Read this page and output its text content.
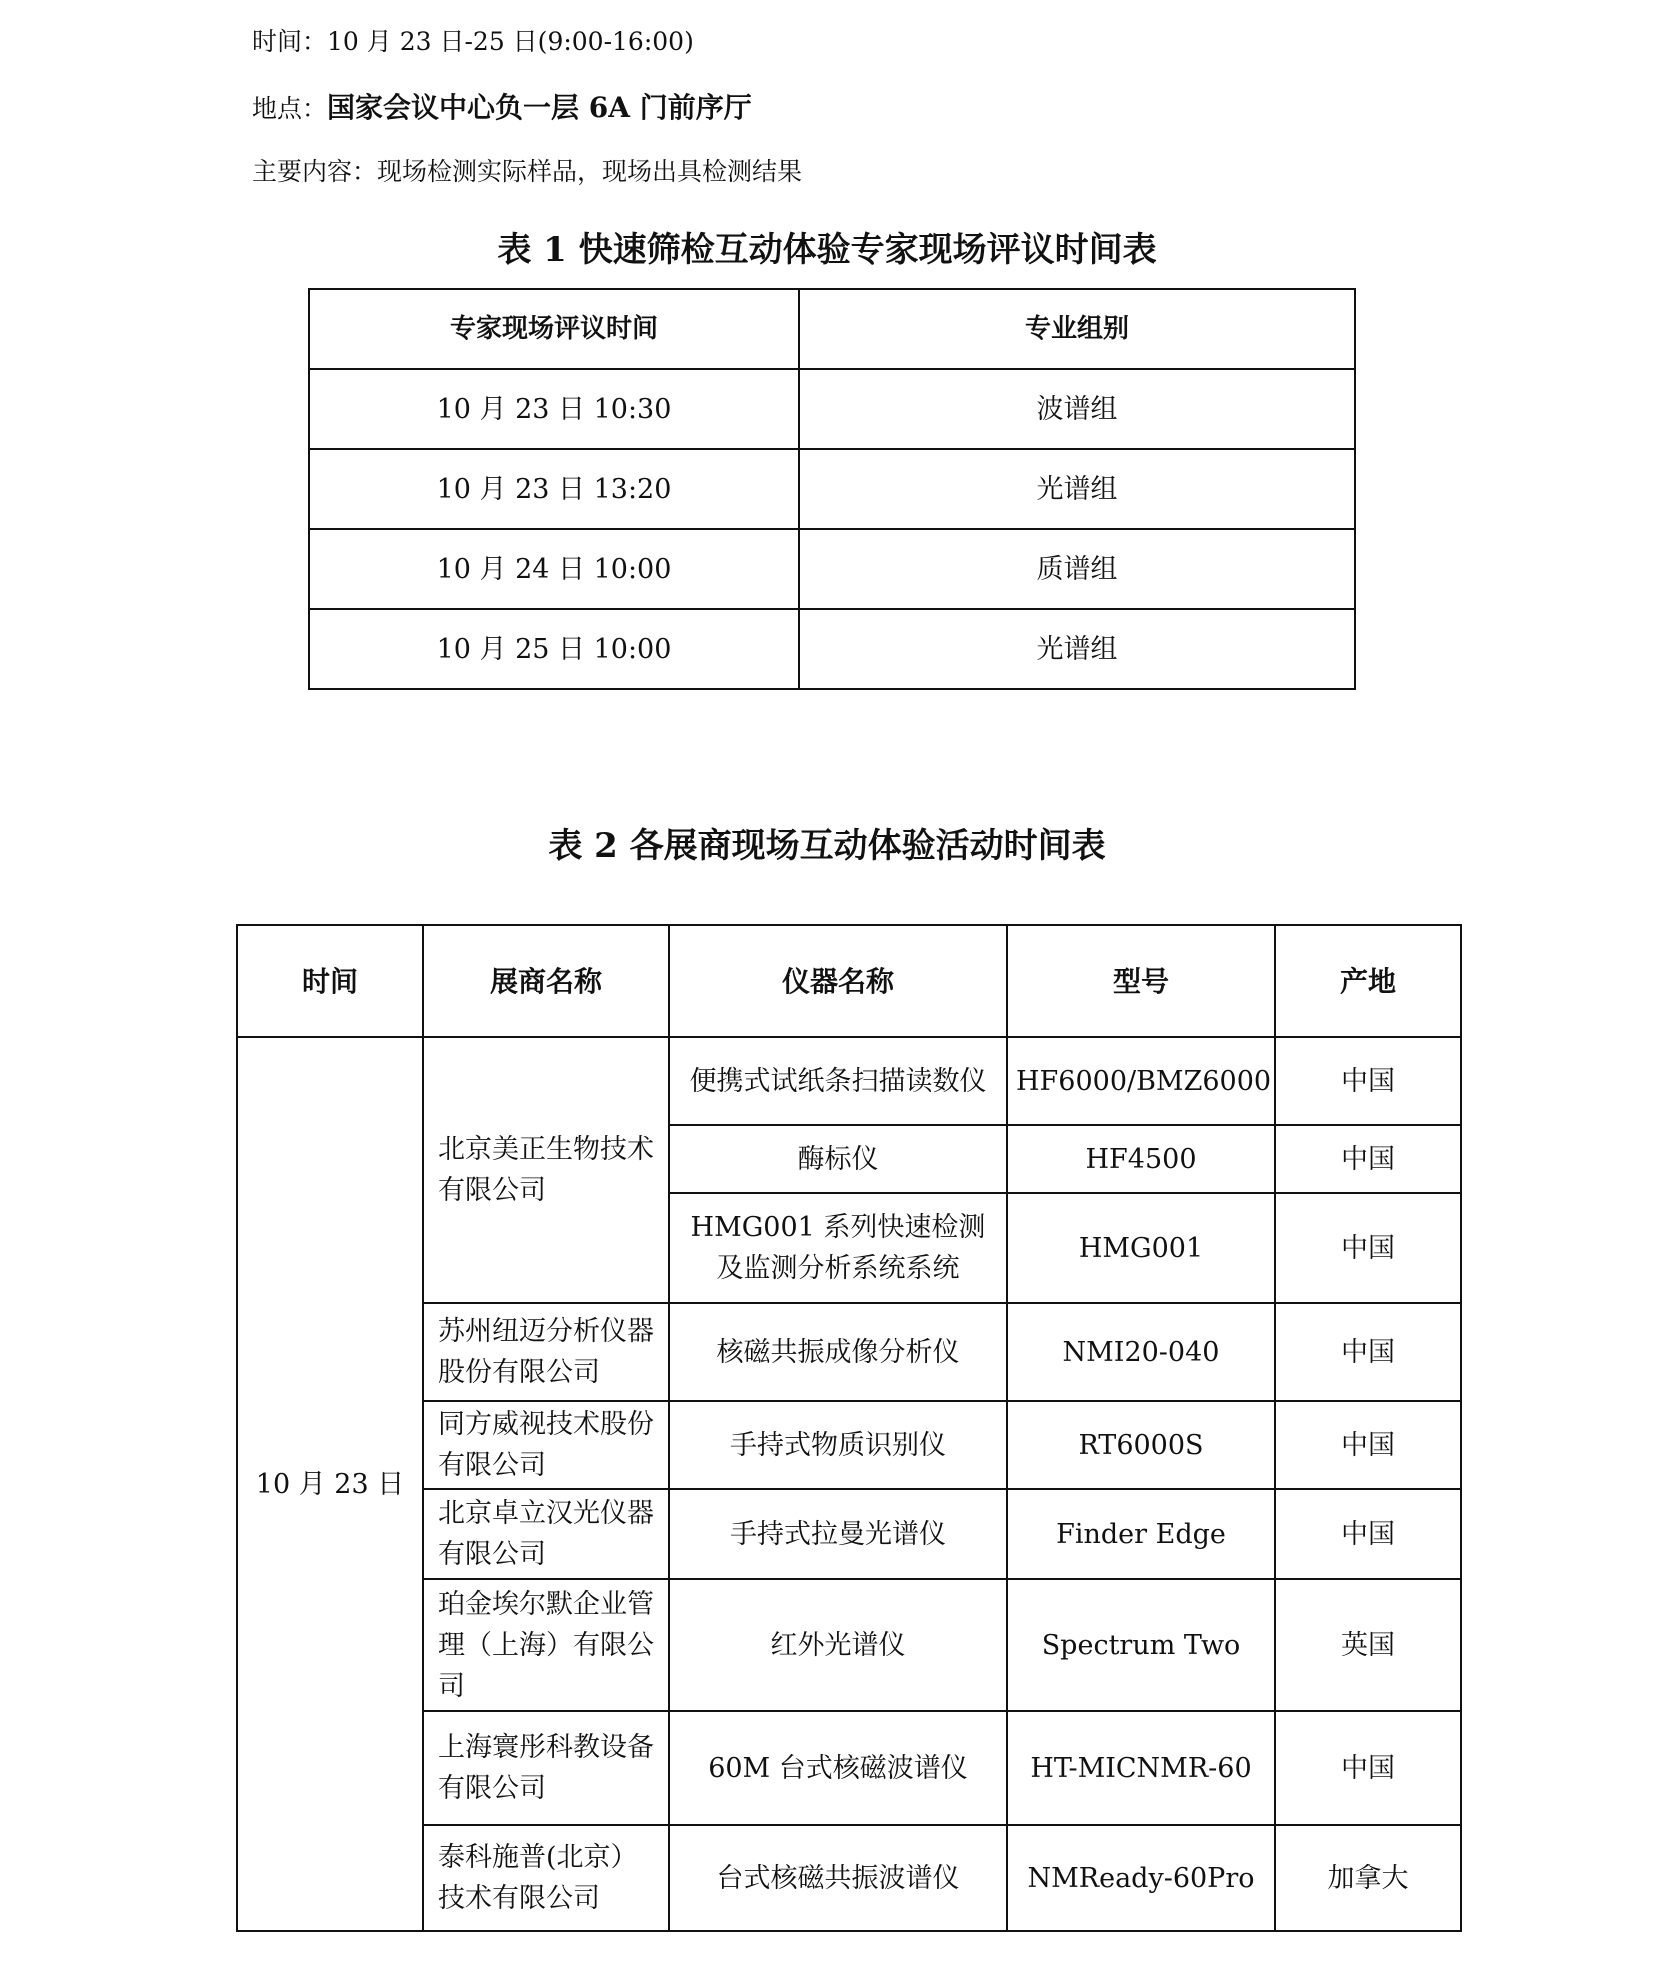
时间：10 月 23 日-25 日(9:00-16:00)
地点：国家会议中心负一层 6A 门前序厅
主要内容：现场检测实际样品，现场出具检测结果
表 1 快速筛检互动体验专家现场评议时间表
专家现场评议时间	专业组别
10 月 23 日 10:30	波谱组
10 月 23 日 13:20	光谱组
10 月 24 日 10:00	质谱组
10 月 25 日 10:00	光谱组
表 2 各展商现场互动体验活动时间表
时间	展商名称	仪器名称	型号	产地
10 月 23 日	北京美正生物技术有限公司	便携式试纸条扫描读数仪	HF6000/BMZ6000	中国
		酶标仪	HF4500	中国
		HMG001 系列快速检测及监测分析系统系统	HMG001	中国
	苏州纽迈分析仪器股份有限公司	核磁共振成像分析仪	NMI20-040	中国
	同方威视技术股份有限公司	手持式物质识别仪	RT6000S	中国
	北京卓立汉光仪器有限公司	手持式拉曼光谱仪	Finder Edge	中国
	珀金埃尔默企业管理（上海）有限公司	红外光谱仪	Spectrum Two	英国
	上海寰彤科教设备有限公司	60M 台式核磁波谱仪	HT-MICNMR-60	中国
	泰科施普(北京）技术有限公司	台式核磁共振波谱仪	NMReady-60Pro	加拿大
